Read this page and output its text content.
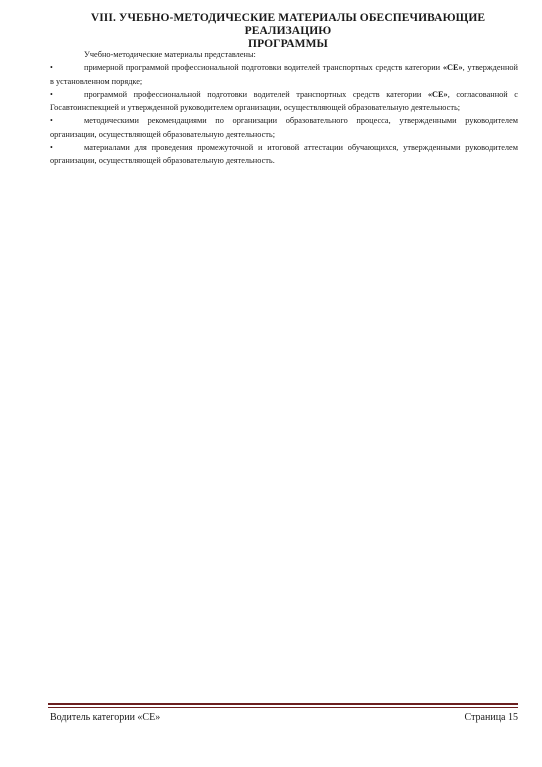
VIII. УЧЕБНО-МЕТОДИЧЕСКИЕ МАТЕРИАЛЫ ОБЕСПЕЧИВАЮЩИЕ РЕАЛИЗАЦИЮ
ПРОГРАММЫ

Учебно-методические материалы представлены:

•	примерной программой профессиональной подготовки водителей транспортных средств категории «СЕ», утвержденной в установленном порядке;
•	программой профессиональной подготовки водителей транспортных средств категории «СЕ», согласованной с Госавтоинспекцией и утвержденной руководителем организации, осуществляющей образовательную деятельность;
•	методическими рекомендациями по организации образовательного процесса, утвержденными руководителем организации, осуществляющей образовательную деятельность;
•	материалами для проведения промежуточной и итоговой аттестации обучающихся, утвержденными руководителем организации, осуществляющей образовательную деятельность.
Водитель категории «СЕ»	Страница 15
